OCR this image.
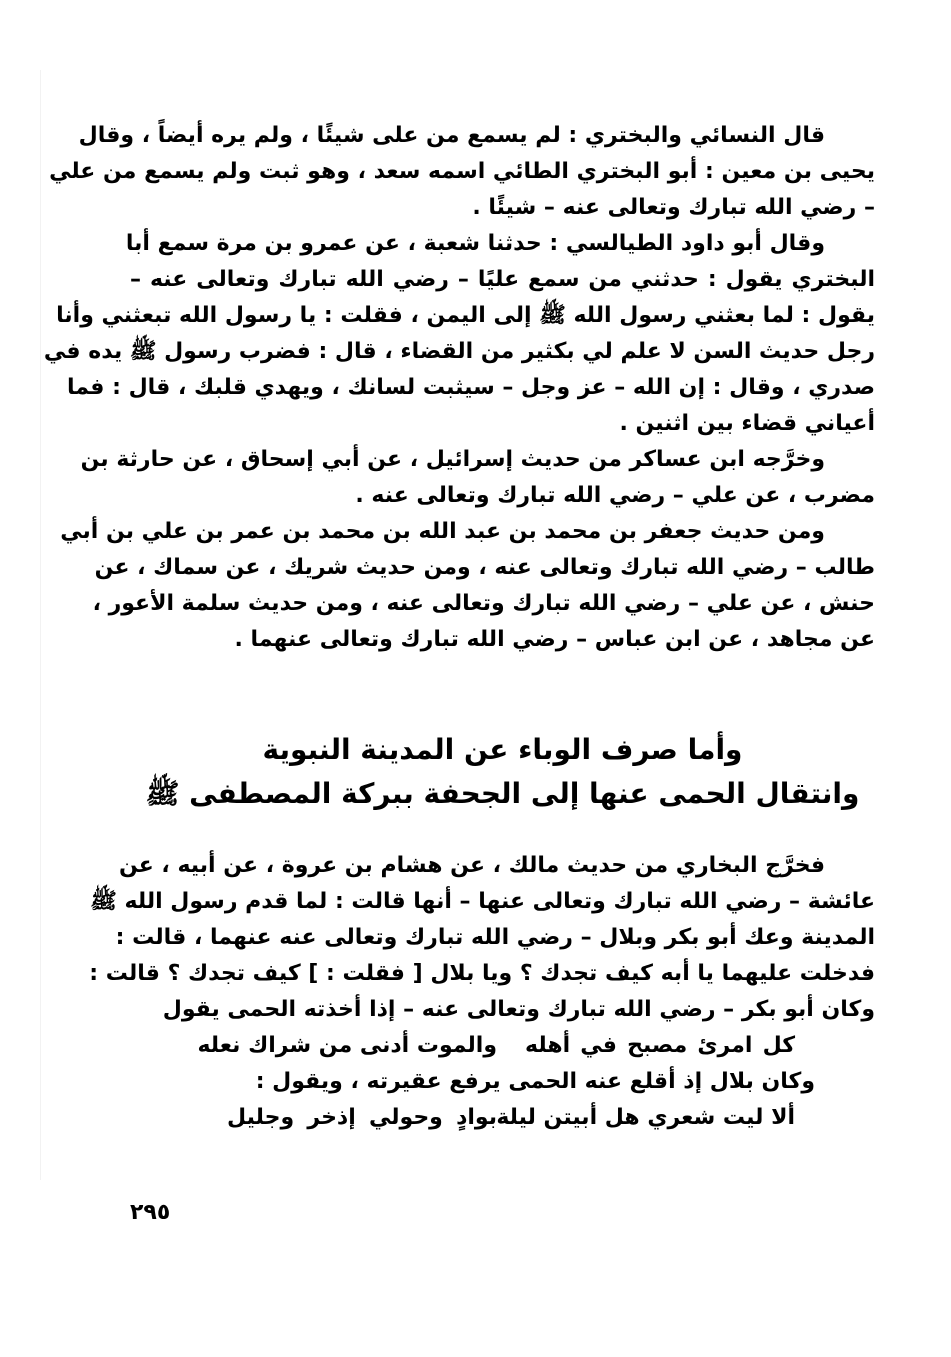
قال النسائي والبختري : لم يسمع من على شيئًا ، ولم يره أيضاً ، وقال
يحيى بن معين : أبو البختري الطائي اسمه سعد ، وهو ثبت ولم يسمع من علي
– رضي الله تبارك وتعالى عنه – شيئًا .
وقال أبو داود الطيالسي : حدثنا شعبة ، عن عمرو بن مرة سمع أبا
البختري يقول : حدثني من سمع عليًا – رضي الله تبارك وتعالى عنه –
يقول : لما بعثني رسول الله ﷺ إلى اليمن ، فقلت : يا رسول الله تبعثني وأنا
رجل حديث السن لا علم لي بكثير من القضاء ، قال : فضرب رسول ﷺ يده في
صدري ، وقال : إن الله – عز وجل – سيثبت لسانك ، ويهدي قلبك ، قال : فما
أعياني قضاء بين اثنين .
وخرَّجه ابن عساكر من حديث إسرائيل ، عن أبي إسحاق ، عن حارثة بن
مضرب ، عن علي – رضي الله تبارك وتعالى عنه .
ومن حديث جعفر بن محمد بن عبد الله بن محمد بن عمر بن علي بن أبي
طالب – رضي الله تبارك وتعالى عنه ، ومن حديث شريك ، عن سماك ، عن
حنش ، عن علي – رضي الله تبارك وتعالى عنه ، ومن حديث سلمة الأعور ،
عن مجاهد ، عن ابن عباس – رضي الله تبارك وتعالى عنهما .
وأما صرف الوباء عن المدينة النبوية
وانتقال الحمى عنها إلى الجحفة ببركة المصطفى ﷺ
فخرَّج البخاري من حديث مالك ، عن هشام بن عروة ، عن أبيه ، عن
عائشة – رضي الله تبارك وتعالى عنها – أنها قالت : لما قدم رسول الله ﷺ
المدينة وعك أبو بكر وبلال – رضي الله تبارك وتعالى عنه عنهما ، قالت :
فدخلت عليهما يا أبه كيف تجدك ؟ ويا بلال [ فقلت : ] كيف تجدك ؟ قالت :
وكان أبو بكر – رضي الله تبارك وتعالى عنه – إذا أخذته الحمى يقول
كل امرئ مصبح في أهله
والموت أدنى من شراك نعله
وكان بلال إذ أقلع عنه الحمى يرفع عقيرته ، ويقول :
ألا ليت شعري هل أبيتن ليلة
بوادٍ وحولي إذخر وجليل
٢٩٥
